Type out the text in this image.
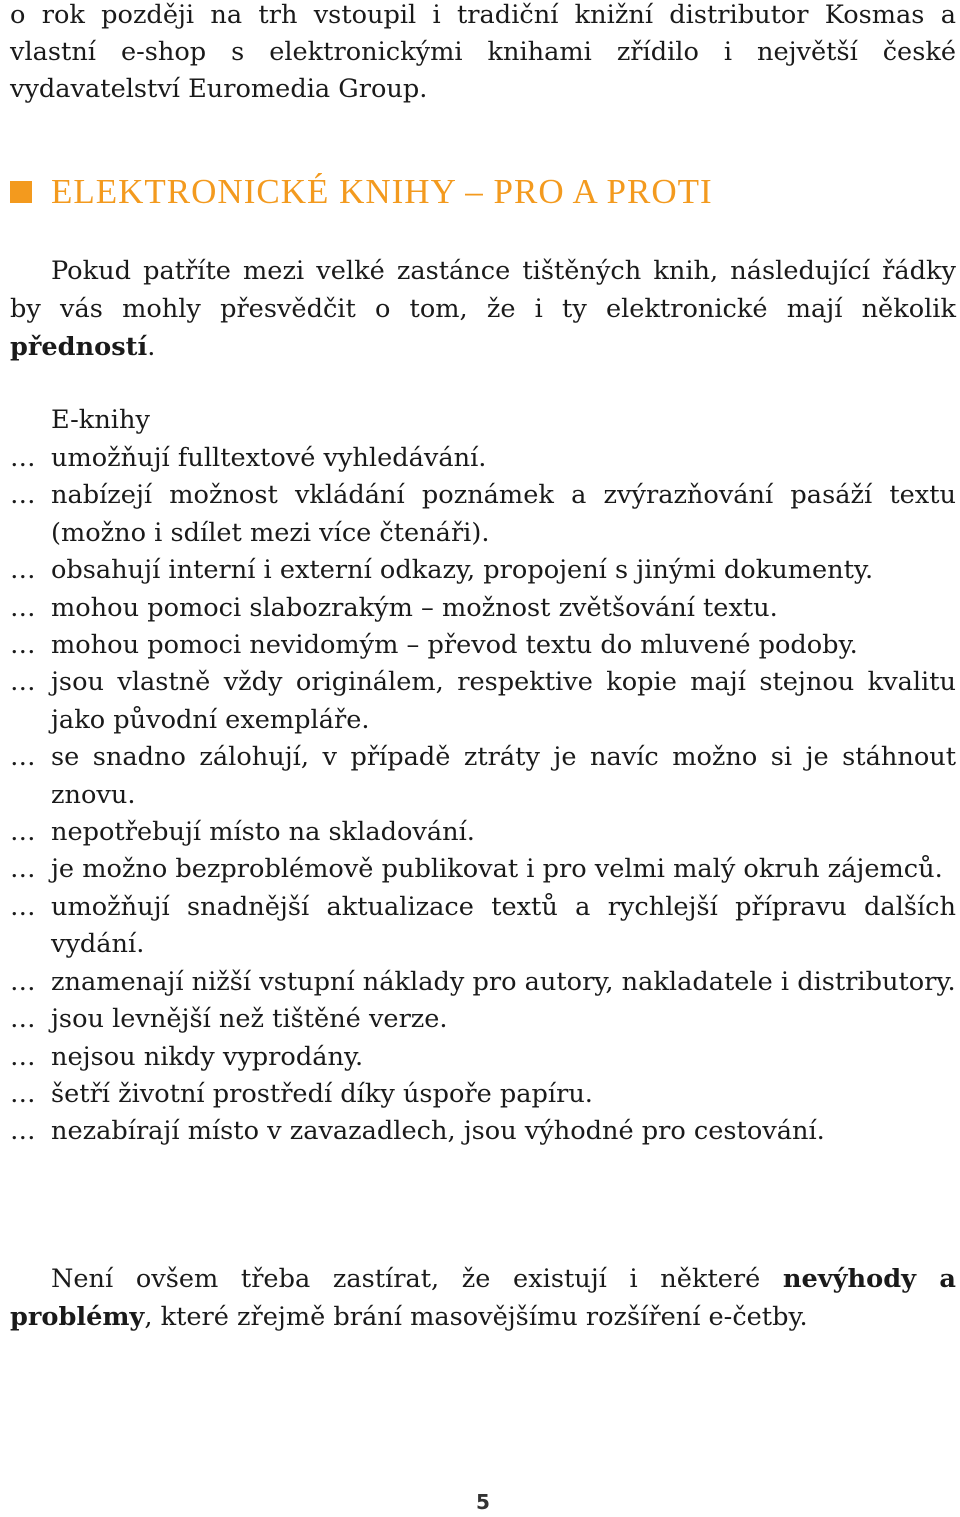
o rok později na trh vstoupil i tradiční knižní distributor Kosmas a vlastní e-shop s elektronickými knihami zřídilo i největší české vydavatelství Euromedia Group.

ELEKTRONICKÉ KNIHY – PRO A PROTI

Pokud patříte mezi velké zastánce tištěných knih, následující řádky by vás mohly přesvědčit o tom, že i ty elektronické mají několik předností.

E-knihy
… umožňují fulltextové vyhledávání.
… nabízejí možnost vkládání poznámek a zvýrazňování pasáží textu (možno i sdílet mezi více čtenáři).
… obsahují interní i externí odkazy, propojení s jinými dokumenty.
… mohou pomoci slabozrakým – možnost zvětšování textu.
… mohou pomoci nevidomým – převod textu do mluvené podoby.
… jsou vlastně vždy originálem, respektive kopie mají stejnou kvalitu jako původní exempláře.
… se snadno zálohují, v případě ztráty je navíc možno si je stáhnout znovu.
… nepotřebují místo na skladování.
… je možno bezproblémově publikovat i pro velmi malý okruh zájemců.
… umožňují snadnější aktualizace textů a rychlejší přípravu dalších vydání.
… znamenají nižší vstupní náklady pro autory, nakladatele i distributory.
… jsou levnější než tištěné verze.
… nejsou nikdy vyprodány.
… šetří životní prostředí díky úspoře papíru.
… nezabírají místo v zavazadlech, jsou výhodné pro cestování.

Není ovšem třeba zastírat, že existují i některé nevýhody a problémy, které zřejmě brání masovějšímu rozšíření e-četby.

5
